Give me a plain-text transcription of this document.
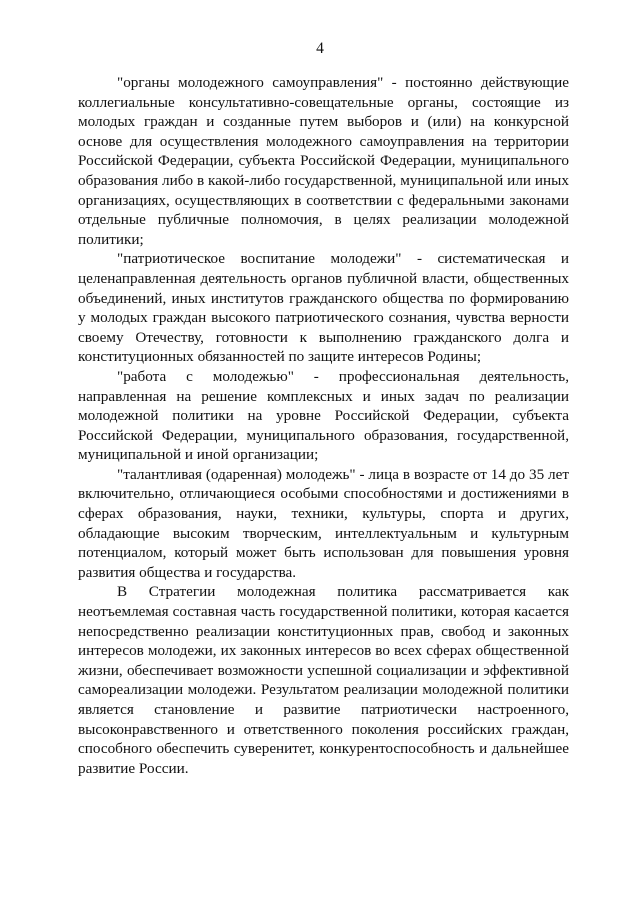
4

"органы молодежного самоуправления" - постоянно действующие коллегиальные консультативно-совещательные органы, состоящие из молодых граждан и созданные путем выборов и (или) на конкурсной основе для осуществления молодежного самоуправления на территории Российской Федерации, субъекта Российской Федерации, муниципального образования либо в какой-либо государственной, муниципальной или иных организациях, осуществляющих в соответствии с федеральными законами отдельные публичные полномочия, в целях реализации молодежной политики;

"патриотическое воспитание молодежи" - систематическая и целенаправленная деятельность органов публичной власти, общественных объединений, иных институтов гражданского общества по формированию у молодых граждан высокого патриотического сознания, чувства верности своему Отечеству, готовности к выполнению гражданского долга и конституционных обязанностей по защите интересов Родины;

"работа с молодежью" - профессиональная деятельность, направленная на решение комплексных и иных задач по реализации молодежной политики на уровне Российской Федерации, субъекта Российской Федерации, муниципального образования, государственной, муниципальной и иной организации;

"талантливая (одаренная) молодежь" - лица в возрасте от 14 до 35 лет включительно, отличающиеся особыми способностями и достижениями в сферах образования, науки, техники, культуры, спорта и других, обладающие высоким творческим, интеллектуальным и культурным потенциалом, который может быть использован для повышения уровня развития общества и государства.

В Стратегии молодежная политика рассматривается как неотъемлемая составная часть государственной политики, которая касается непосредственно реализации конституционных прав, свобод и законных интересов молодежи, их законных интересов во всех сферах общественной жизни, обеспечивает возможности успешной социализации и эффективной самореализации молодежи. Результатом реализации молодежной политики является становление и развитие патриотически настроенного, высоконравственного и ответственного поколения российских граждан, способного обеспечить суверенитет, конкурентоспособность и дальнейшее развитие России.
